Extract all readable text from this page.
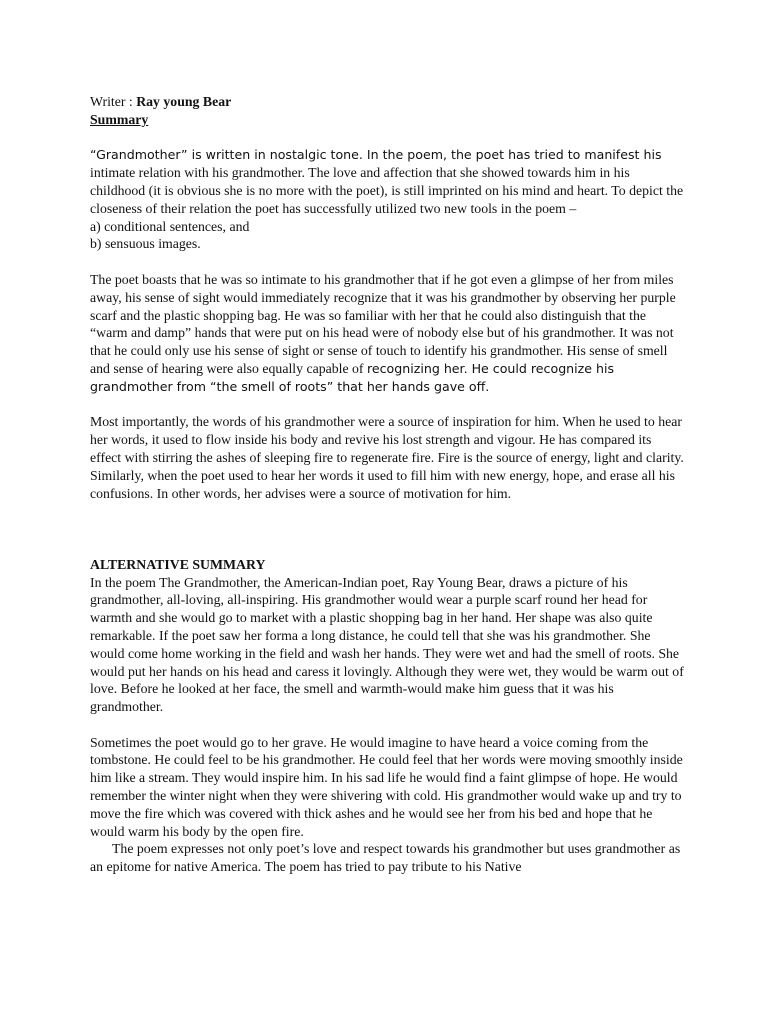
Writer : Ray young Bear

Summary

“Grandmother” is written in nostalgic tone. In the poem, the poet has tried to manifest his intimate relation with his grandmother. The love and affection that she showed towards him in his childhood (it is obvious she is no more with the poet), is still imprinted on his mind and heart. To depict the closeness of their relation the poet has successfully utilized two new tools in the poem –

a) conditional sentences, and

b) sensuous images.

The poet boasts that he was so intimate to his grandmother that if he got even a glimpse of her from miles away, his sense of sight would immediately recognize that it was his grandmother by observing her purple scarf and the plastic shopping bag. He was so familiar with her that he could also distinguish that the “warm and damp” hands that were put on his head were of nobody else but of his grandmother. It was not that he could only use his sense of sight or sense of touch to identify his grandmother. His sense of smell and sense of hearing were also equally capable of recognizing her. He could recognize his grandmother from “the smell of roots” that her hands gave off.

Most importantly, the words of his grandmother were a source of inspiration for him. When he used to hear her words, it used to flow inside his body and revive his lost strength and vigour. He has compared its effect with stirring the ashes of sleeping fire to regenerate fire. Fire is the source of energy, light and clarity. Similarly, when the poet used to hear her words it used to fill him with new energy, hope, and erase all his confusions. In other words, her advises were a source of motivation for him.

ALTERNATIVE SUMMARY

In the poem The Grandmother, the American-Indian poet, Ray Young Bear, draws a picture of his grandmother, all-loving, all-inspiring. His grandmother would wear a purple scarf round her head for warmth and she would go to market with a plastic shopping bag in her hand. Her shape was also quite remarkable. If the poet saw her forma a long distance, he could tell that she was his grandmother. She would come home working in the field and wash her hands. They were wet and had the smell of roots. She would put her hands on his head and caress it lovingly. Although they were wet, they would be warm out of love. Before he looked at her face, the smell and warmth-would make him guess that it was his grandmother.

Sometimes the poet would go to her grave. He would imagine to have heard a voice coming from the tombstone. He could feel to be his grandmother. He could feel that her words were moving smoothly inside him like a stream. They would inspire him. In his sad life he would find a faint glimpse of hope. He would remember the winter night when they were shivering with cold. His grandmother would wake up and try to move the fire which was covered with thick ashes and he would see her from his bed and hope that he would warm his body by the open fire.

The poem expresses not only poet’s love and respect towards his grandmother but uses grandmother as an epitome for native America. The poem has tried to pay tribute to his Native
